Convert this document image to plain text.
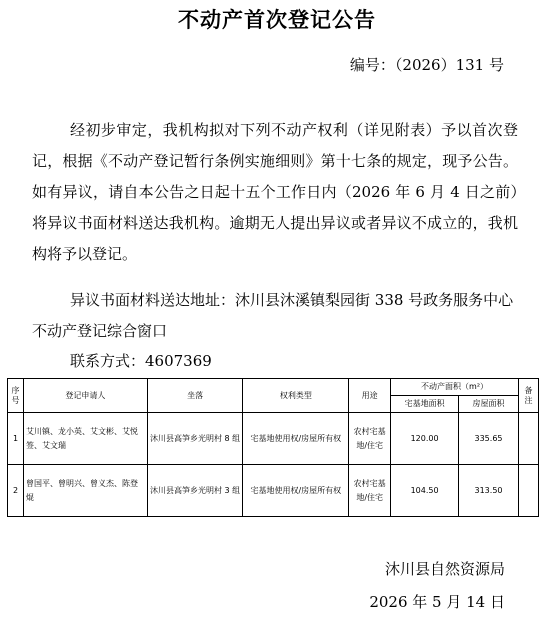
不动产首次登记公告
编号：（2026）131 号
经初步审定，我机构拟对下列不动产权利（详见附表）予以首次登记，根据《不动产登记暂行条例实施细则》第十七条的规定，现予公告。如有异议，请自本公告之日起十五个工作日内（2026 年 6 月 4 日之前）将异议书面材料送达我机构。逾期无人提出异议或者异议不成立的，我机构将予以登记。
异议书面材料送达地址：沐川县沐溪镇梨园街 338 号政务服务中心不动产登记综合窗口
联系方式：4607369
序号	登记申请人	坐落	权利类型	用途	不动产面积（m²）		备注
					宅基地面积	房屋面积	
1	艾川镇、龙小英、艾文彬、艾悦签、艾文瑞	沐川县高笋乡光明村 8 组	宅基地使用权/房屋所有权	农村宅基地/住宅	120.00	335.65	
2	曾国平、曾明兴、曾义杰、陈登焜	沐川县高笋乡光明村 3 组	宅基地使用权/房屋所有权	农村宅基地/住宅	104.50	313.50	
沐川县自然资源局
2026 年 5 月 14 日
